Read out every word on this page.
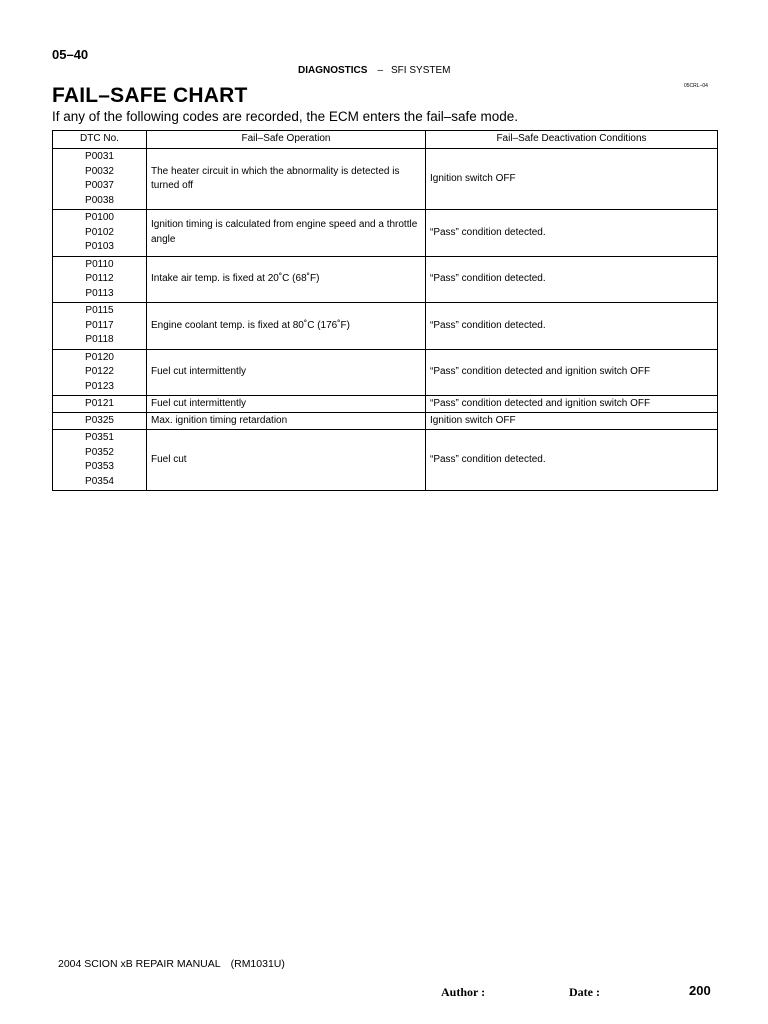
05–40
DIAGNOSTICS – SFI SYSTEM
05CRL–04
FAIL–SAFE CHART
If any of the following codes are recorded, the ECM enters the fail–safe mode.
DTC No.	Fail–Safe Operation	Fail–Safe Deactivation Conditions

P0031
P0032
P0037
P0038	The heater circuit in which the abnormality is detected is turned off	Ignition switch OFF

P0100
P0102
P0103	Ignition timing is calculated from engine speed and a throttle angle	“Pass” condition detected.

P0110
P0112
P0113	Intake air temp. is fixed at 20˚C (68˚F)	“Pass” condition detected.

P0115
P0117
P0118	Engine coolant temp. is fixed at 80˚C (176˚F)	“Pass” condition detected.

P0120
P0122
P0123	Fuel cut intermittently	“Pass” condition detected and ignition switch OFF

P0121	Fuel cut intermittently	“Pass” condition detected and ignition switch OFF

P0325	Max. ignition timing retardation	Ignition switch OFF

P0351
P0352
P0353
P0354	Fuel cut	“Pass” condition detected.
2004 SCION xB REPAIR MANUAL (RM1031U)
Author :	Date :	200
